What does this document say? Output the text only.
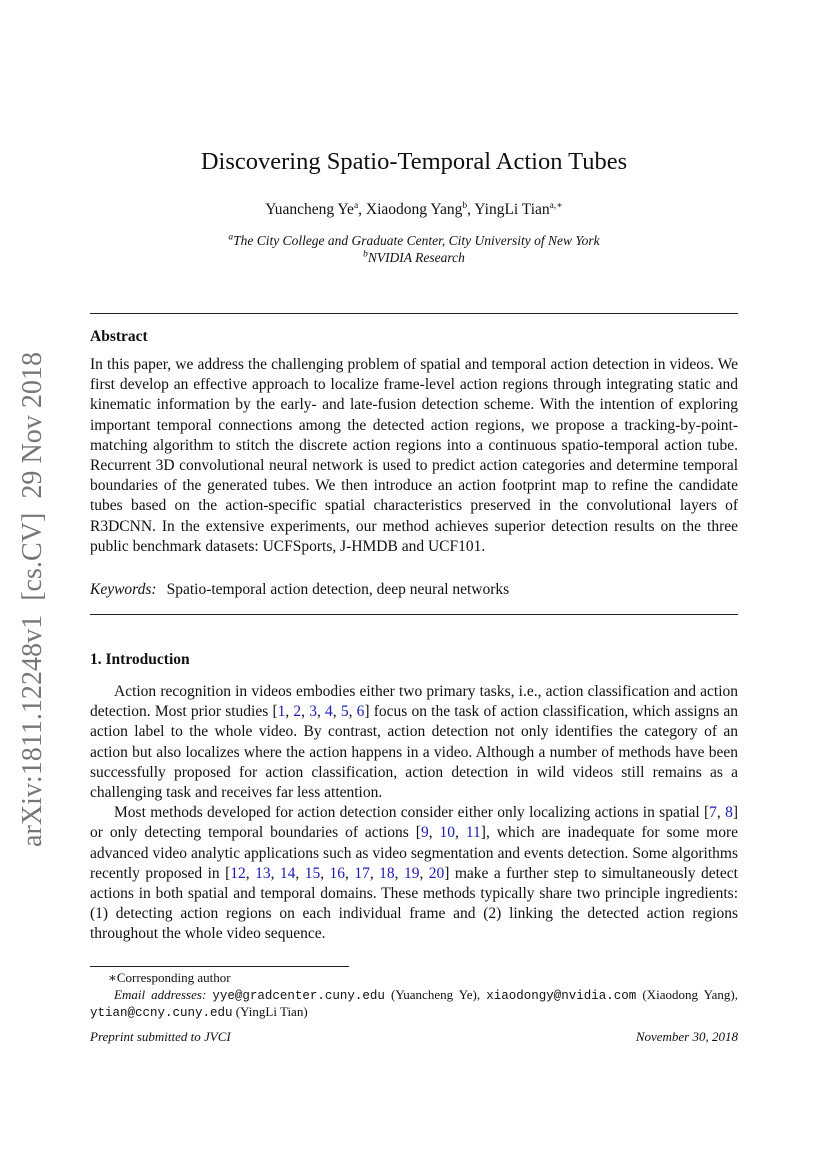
arXiv:1811.12248v1  [cs.CV]  29 Nov 2018
Discovering Spatio-Temporal Action Tubes
Yuancheng Ye$^a$, Xiaodong Yang$^b$, YingLi Tian$^{a,∗}$
$^a$The City College and Graduate Center, City University of New York
$^b$NVIDIA Research
Abstract
In this paper, we address the challenging problem of spatial and temporal action detection in videos. We first develop an effective approach to localize frame-level action regions through integrating static and kinematic information by the early- and late-fusion detection scheme. With the intention of exploring important temporal connections among the detected action regions, we propose a tracking-by-point-matching algorithm to stitch the discrete action regions into a continuous spatio-temporal action tube. Recurrent 3D convolutional neural network is used to predict action categories and determine temporal boundaries of the generated tubes. We then introduce an action footprint map to refine the candidate tubes based on the action-specific spatial characteristics preserved in the convolutional layers of R3DCNN. In the extensive experiments, our method achieves superior detection results on the three public benchmark datasets: UCFSports, J-HMDB and UCF101.
Keywords: Spatio-temporal action detection, deep neural networks
1. Introduction

Action recognition in videos embodies either two primary tasks, i.e., action classification and action detection. Most prior studies [1, 2, 3, 4, 5, 6] focus on the task of action classification, which assigns an action label to the whole video. By contrast, action detection not only identifies the category of an action but also localizes where the action happens in a video. Although a number of methods have been successfully proposed for action classification, action detection in wild videos still remains as a challenging task and receives far less attention.

Most methods developed for action detection consider either only localizing actions in spatial [7, 8] or only detecting temporal boundaries of actions [9, 10, 11], which are inadequate for some more advanced video analytic applications such as video segmentation and events detection. Some algorithms recently proposed in [12, 13, 14, 15, 16, 17, 18, 19, 20] make a further step to simultaneously detect actions in both spatial and temporal domains. These methods typically share two principle ingredients: (1) detecting action regions on each individual frame and (2) linking the detected action regions throughout the whole video sequence.

∗Corresponding author
Email addresses: yye@gradcenter.cuny.edu (Yuancheng Ye), xiaodongy@nvidia.com (Xiaodong Yang), ytian@ccny.cuny.edu (YingLi Tian)
Preprint submitted to JVCI	November 30, 2018
